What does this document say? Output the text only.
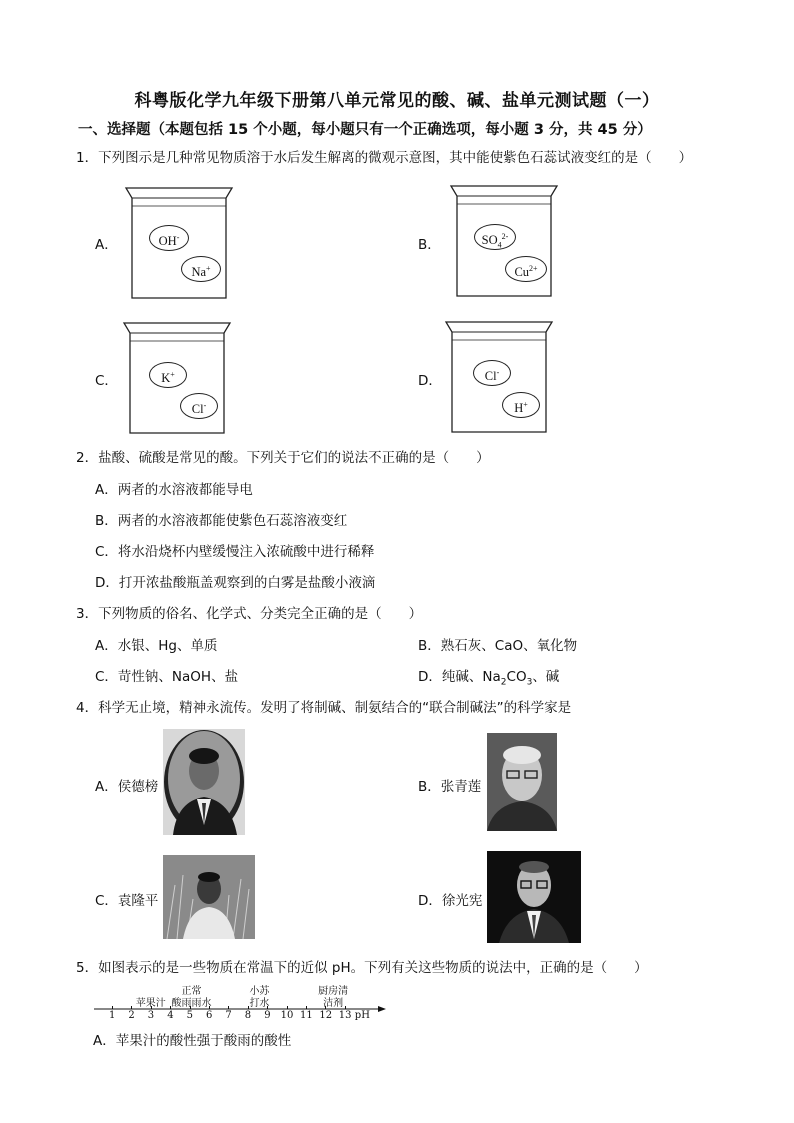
科粤版化学九年级下册第八单元常见的酸、碱、盐单元测试题（一）
一、选择题（本题包括 15 个小题，每小题只有一个正确选项，每小题 3 分，共 45 分）
1．下列图示是几种常见物质溶于水后发生解离的微观示意图，其中能使紫色石蕊试液变红的是（　　）
A．	B．
C．	D．
OH-
Na+
$SO_4^{2-}$
$Cu^{2+}$
K+
Cl-
Cl-
H+
2．盐酸、硫酸是常见的酸。下列关于它们的说法不正确的是（　　）
A．两者的水溶液都能导电
B．两者的水溶液都能使紫色石蕊溶液变红
C．将水沿烧杯内壁缓慢注入浓硫酸中进行稀释
D．打开浓盐酸瓶盖观察到的白雾是盐酸小液滴
3．下列物质的俗名、化学式、分类完全正确的是（　　）
A．水银、Hg、单质	B．熟石灰、CaO、氧化物
C．苛性钠、NaOH、盐	D．纯碱、$Na_2CO_3$、碱
4．科学无止境，精神永流传。发明了将制碱、制氨结合的“联合制碱法”的科学家是
A．侯德榜	B．张青莲
C．袁隆平	D．徐光宪
5．如图表示的是一些物质在常温下的近似 pH。下列有关这些物质的说法中，正确的是（　　）
1 2 3 4 5 6 7 8 9 10 11 12 13 pH
苹果汁
正常
酸雨雨水
小苏
打水
厨房清
洁剂
A．苹果汁的酸性强于酸雨的酸性
